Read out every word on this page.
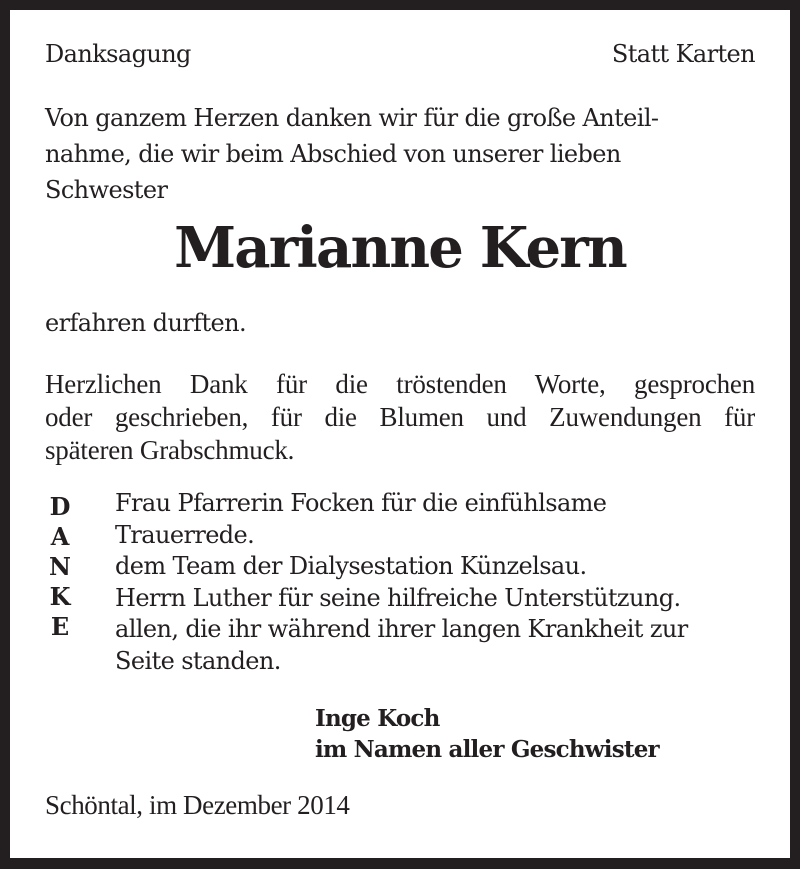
Danksagung	Statt Karten
Von ganzem Herzen danken wir für die große Anteil-
nahme, die wir beim Abschied von unserer lieben
Schwester
Marianne Kern
erfahren durften.
Herzlichen Dank für die tröstenden Worte, gesprochen
oder geschrieben, für die Blumen und Zuwendungen für
späteren Grabschmuck.
D
A
N
K
E
Frau Pfarrerin Focken für die einfühlsame
Trauerrede.
dem Team der Dialysestation Künzelsau.
Herrn Luther für seine hilfreiche Unterstützung.
allen, die ihr während ihrer langen Krankheit zur
Seite standen.
Inge Koch
im Namen aller Geschwister
Schöntal, im Dezember 2014
